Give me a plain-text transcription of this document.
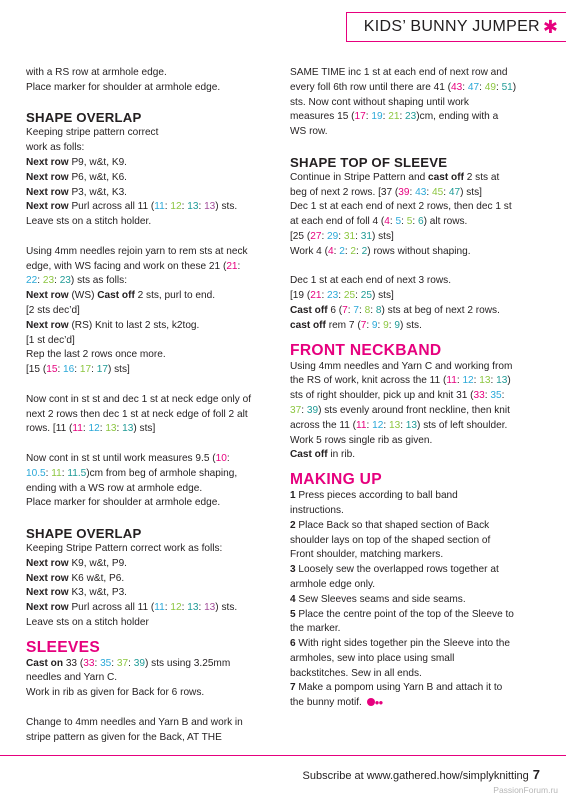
KIDS’ BUNNY JUMPER ✱

with a RS row at armhole edge.

Place marker for shoulder at armhole edge.

SHAPE OVERLAP

Keeping stripe pattern correct

work as folls:

Next row P9, w&t, K9.

Next row P6, w&t, K6.

Next row P3, w&t, K3.

Next row Purl across all 11 (11: 12: 13: 13) sts.

Leave sts on a stitch holder.

Using 4mm needles rejoin yarn to rem sts at neck

edge, with WS facing and work on these 21 (21:

22: 23: 23) sts as folls:

Next row (WS) Cast off 2 sts, purl to end.

[2 sts dec’d]

Next row (RS) Knit to last 2 sts, k2tog.

[1 st dec’d]

Rep the last 2 rows once more.

[15 (15: 16: 17: 17) sts]

Now cont in st st and dec 1 st at neck edge only of

next 2 rows then dec 1 st at neck edge of foll 2 alt

rows. [11 (11: 12: 13: 13) sts]

Now cont in st st until work measures 9.5 (10:

10.5: 11: 11.5)cm from beg of armhole shaping,

ending with a WS row at armhole edge.

Place marker for shoulder at armhole edge.

SHAPE OVERLAP

Keeping Stripe Pattern correct work as folls:

Next row K9, w&t, P9.

Next row K6 w&t, P6.

Next row K3, w&t, P3.

Next row Purl across all 11 (11: 12: 13: 13) sts.

Leave sts on a stitch holder

SLEEVES

Cast on 33 (33: 35: 37: 39) sts using 3.25mm

needles and Yarn C.

Work in rib as given for Back for 6 rows.

Change to 4mm needles and Yarn B and work in

stripe pattern as given for the Back, AT THE

SAME TIME inc 1 st at each end of next row and

every foll 6th row until there are 41 (43: 47: 49: 51)

sts. Now cont without shaping until work

measures 15 (17: 19: 21: 23)cm, ending with a

WS row.

SHAPE TOP OF SLEEVE

Continue in Stripe Pattern and cast off 2 sts at

beg of next 2 rows. [37 (39: 43: 45: 47) sts]

Dec 1 st at each end of next 2 rows, then dec 1 st

at each end of foll 4 (4: 5: 5: 6) alt rows.

[25 (27: 29: 31: 31) sts]

Work 4 (4: 2: 2: 2) rows without shaping.

Dec 1 st at each end of next 3 rows.

[19 (21: 23: 25: 25) sts]

Cast off 6 (7: 7: 8: 8) sts at beg of next 2 rows.

cast off rem 7 (7: 9: 9: 9) sts.

FRONT NECKBAND

Using 4mm needles and Yarn C and working from

the RS of work, knit across the 11 (11: 12: 13: 13)

sts of right shoulder, pick up and knit 31 (33: 35:

37: 39) sts evenly around front neckline, then knit

across the 11 (11: 12: 13: 13) sts of left shoulder.

Work 5 rows single rib as given.

Cast off in rib.

MAKING UP

1 Press pieces according to ball band

instructions.

2 Place Back so that shaped section of Back

shoulder lays on top of the shaped section of

Front shoulder, matching markers.

3 Loosely sew the overlapped rows together at

armhole edge only.

4 Sew Sleeves seams and side seams.

5 Place the centre point of the top of the Sleeve to

the marker.

6 With right sides together pin the Sleeve into the

armholes, sew into place using small

backstitches. Sew in all ends.

7 Make a pompom using Yarn B and attach it to

the bunny motif. ●●

Subscribe at www.gathered.how/simplyknitting 7
PassionForum.ru
